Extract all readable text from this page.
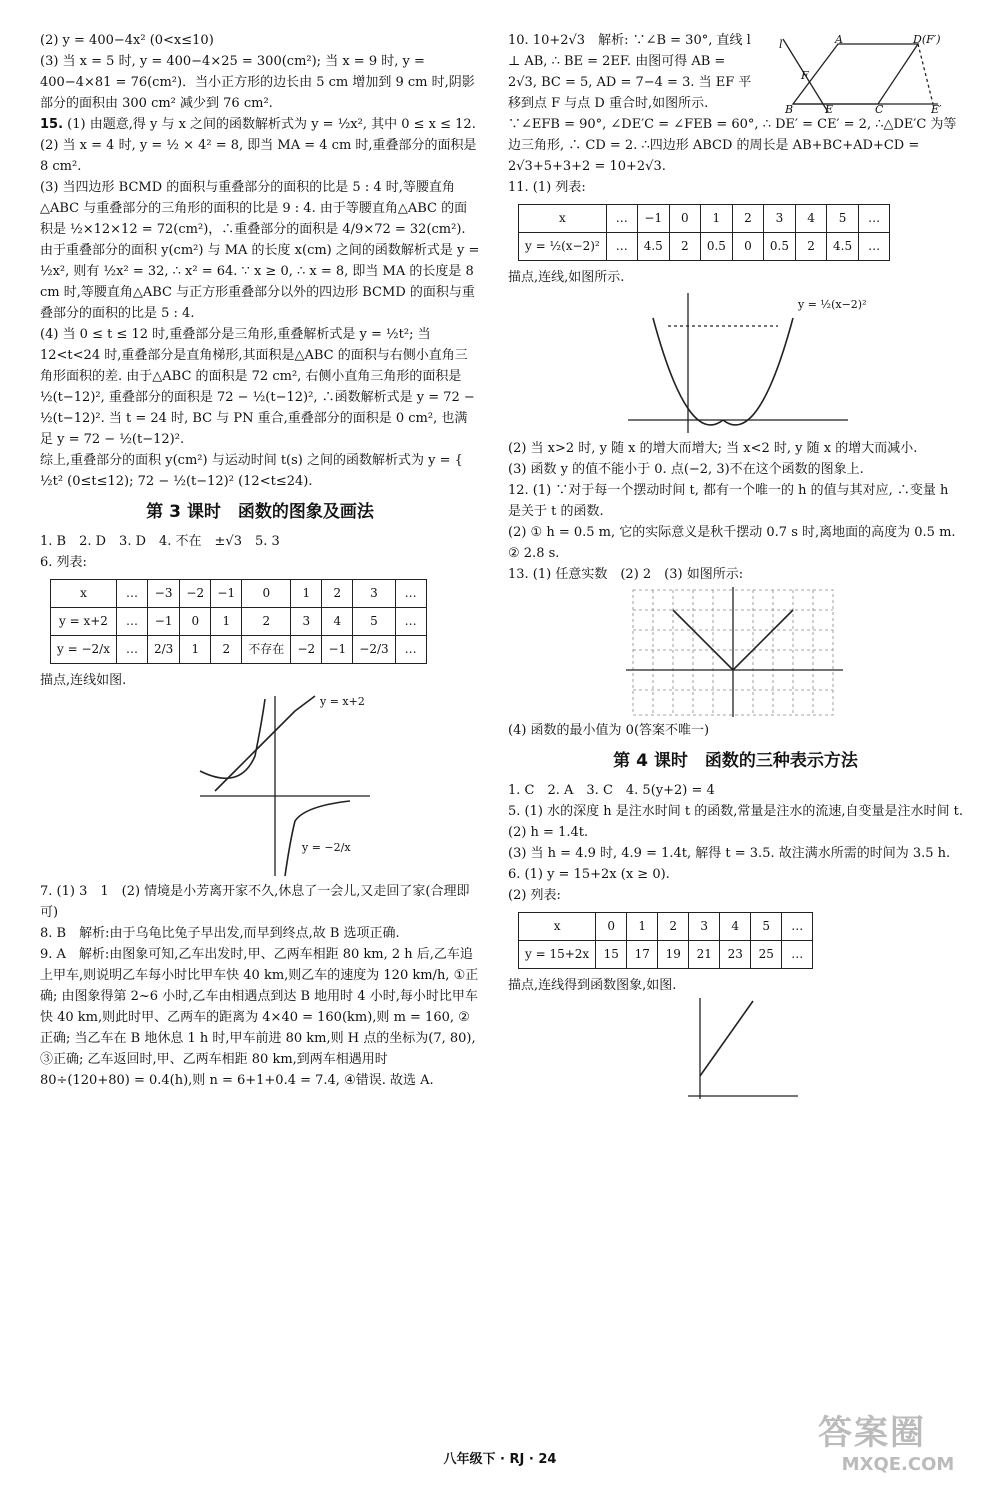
(2) y = 400−4x² (0<x≤10)

(3) 当 x = 5 时, y = 400−4×25 = 300(cm²); 当 x = 9 时, y = 400−4×81 = 76(cm²)．当小正方形的边长由 5 cm 增加到 9 cm 时,阴影部分的面积由 300 cm² 减少到 76 cm².

15. (1) 由题意,得 y 与 x 之间的函数解析式为 y = ½x², 其中 0 ≤ x ≤ 12.

(2) 当 x = 4 时, y = ½ × 4² = 8, 即当 MA = 4 cm 时,重叠部分的面积是 8 cm².

(3) 当四边形 BCMD 的面积与重叠部分的面积的比是 5 : 4 时,等腰直角△ABC 与重叠部分的三角形的面积的比是 9 : 4. 由于等腰直角△ABC 的面积是 ½×12×12 = 72(cm²)，∴重叠部分的面积是 4/9×72 = 32(cm²). 由于重叠部分的面积 y(cm²) 与 MA 的长度 x(cm) 之间的函数解析式是 y = ½x², 则有 ½x² = 32, ∴ x² = 64. ∵ x ≥ 0, ∴ x = 8, 即当 MA 的长度是 8 cm 时,等腰直角△ABC 与正方形重叠部分以外的四边形 BCMD 的面积与重叠部分的面积的比是 5 : 4.

(4) 当 0 ≤ t ≤ 12 时,重叠部分是三角形,重叠解析式是 y = ½t²; 当 12<t<24 时,重叠部分是直角梯形,其面积是△ABC 的面积与右侧小直角三角形面积的差. 由于△ABC 的面积是 72 cm², 右侧小直角三角形的面积是 ½(t−12)², 重叠部分的面积是 72 − ½(t−12)², ∴函数解析式是 y = 72 − ½(t−12)². 当 t = 24 时, BC 与 PN 重合,重叠部分的面积是 0 cm², 也满足 y = 72 − ½(t−12)².

综上,重叠部分的面积 y(cm²) 与运动时间 t(s) 之间的函数解析式为 y = { ½t² (0≤t≤12); 72 − ½(t−12)² (12<t≤24).

第 3 课时　函数的图象及画法

1. B　2. D　3. D　4. 不在　±√3　5. 3

6. 列表:

x	…	−3	−2	−1	0	1	2	3	…
y = x+2	…	−1	0	1	2	3	4	5	…
y = −2/x	…	2/3	1	2	不存在	−2	−1	−2/3	…

描点,连线如图.

y = x+2
y = −2/x

7. (1) 3　1　(2) 情境是小芳离开家不久,休息了一会儿,又走回了家(合理即可)

8. B　解析:由于乌龟比兔子早出发,而早到终点,故 B 选项正确.

9. A　解析:由图象可知,乙车出发时,甲、乙两车相距 80 km, 2 h 后,乙车追上甲车,则说明乙车每小时比甲车快 40 km,则乙车的速度为 120 km/h, ①正确; 由图象得第 2~6 小时,乙车由相遇点到达 B 地用时 4 小时,每小时比甲车快 40 km,则此时甲、乙两车的距离为 4×40 = 160(km),则 m = 160, ②正确; 当乙车在 B 地休息 1 h 时,甲车前进 80 km,则 H 点的坐标为(7, 80), ③正确; 乙车返回时,甲、乙两车相距 80 km,到两车相遇用时 80÷(120+80) = 0.4(h),则 n = 6+1+0.4 = 7.4, ④错误. 故选 A.

l	A	D(F′)
F
B	E	C	E′

10. 10+2√3　解析: ∵∠B = 30°, 直线 l ⊥ AB, ∴ BE = 2EF. 由图可得 AB = 2√3, BC = 5, AD = 7−4 = 3. 当 EF 平移到点 F 与点 D 重合时,如图所示. ∵∠EFB = 90°, ∠DE′C = ∠FEB = 60°, ∴ DE′ = CE′ = 2, ∴△DE′C 为等边三角形, ∴ CD = 2. ∴四边形 ABCD 的周长是 AB+BC+AD+CD = 2√3+5+3+2 = 10+2√3.

11. (1) 列表:

x	…	−1	0	1	2	3	4	5	…
y = ½(x−2)²	…	4.5	2	0.5	0	0.5	2	4.5	…

描点,连线,如图所示.

y = ½(x−2)²

(2) 当 x>2 时, y 随 x 的增大而增大; 当 x<2 时, y 随 x 的增大而减小.

(3) 函数 y 的值不能小于 0. 点(−2, 3)不在这个函数的图象上.

12. (1) ∵对于每一个摆动时间 t, 都有一个唯一的 h 的值与其对应, ∴变量 h 是关于 t 的函数.

(2) ① h = 0.5 m, 它的实际意义是秋千摆动 0.7 s 时,离地面的高度为 0.5 m.

② 2.8 s.

13. (1) 任意实数　(2) 2　(3) 如图所示:

(4) 函数的最小值为 0(答案不唯一)

第 4 课时　函数的三种表示方法

1. C　2. A　3. C　4. 5(y+2) = 4

5. (1) 水的深度 h 是注水时间 t 的函数,常量是注水的流速,自变量是注水时间 t.

(2) h = 1.4t.

(3) 当 h = 4.9 时, 4.9 = 1.4t, 解得 t = 3.5. 故注满水所需的时间为 3.5 h.

6. (1) y = 15+2x (x ≥ 0).

(2) 列表:

x	0	1	2	3	4	5	…
y = 15+2x	15	17	19	21	23	25	…

描点,连线得到函数图象,如图.

八年级下 · RJ · 24
答案圈
MXQE.COM
